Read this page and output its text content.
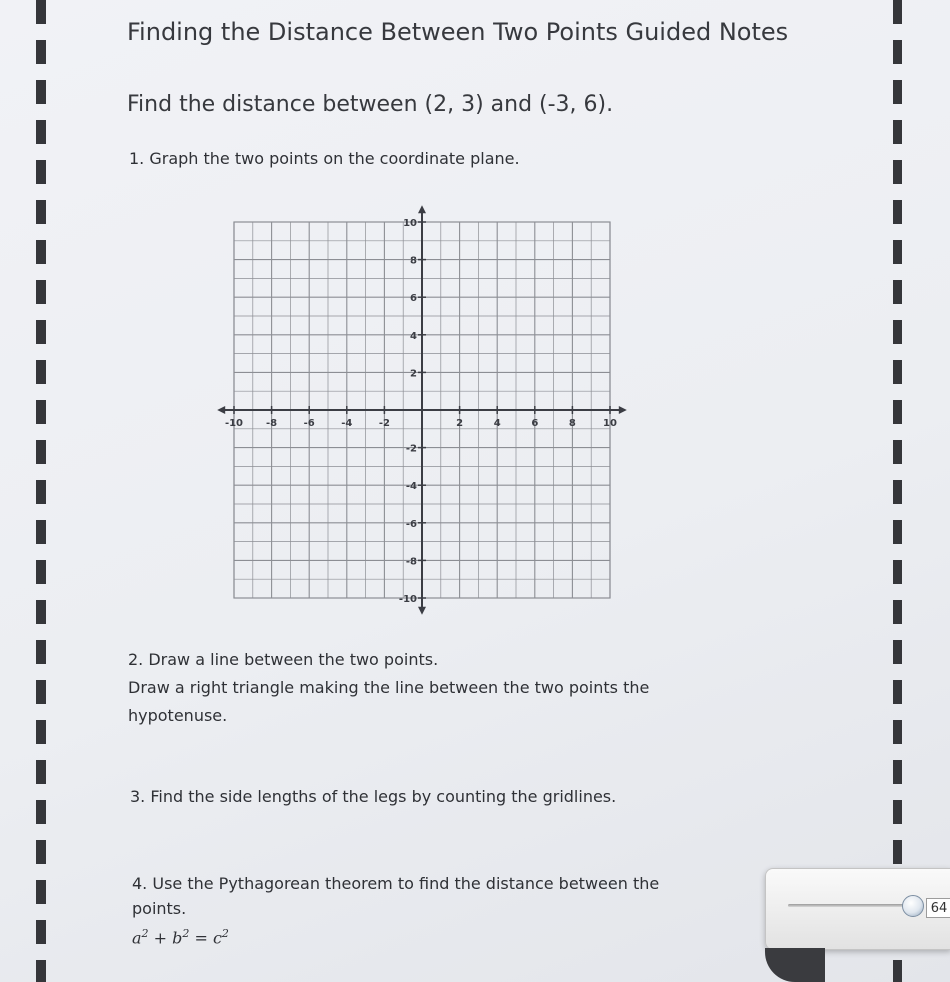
Finding the Distance Between Two Points Guided Notes
Find the distance between (2, 3) and (-3, 6).
1. Graph the two points on the coordinate plane.
-10 -8	-6	-4	-2	2	4	6	8	10
10
8
6
4
2
-2
-4
-6
-8
-10
2. Draw a line between the two points.
Draw a right triangle making the line between the two points the
hypotenuse.
3. Find the side lengths of the legs by counting the gridlines.
4. Use the Pythagorean theorem to find the distance between the
points.
$a^2 + b^2 = c^2$
64
